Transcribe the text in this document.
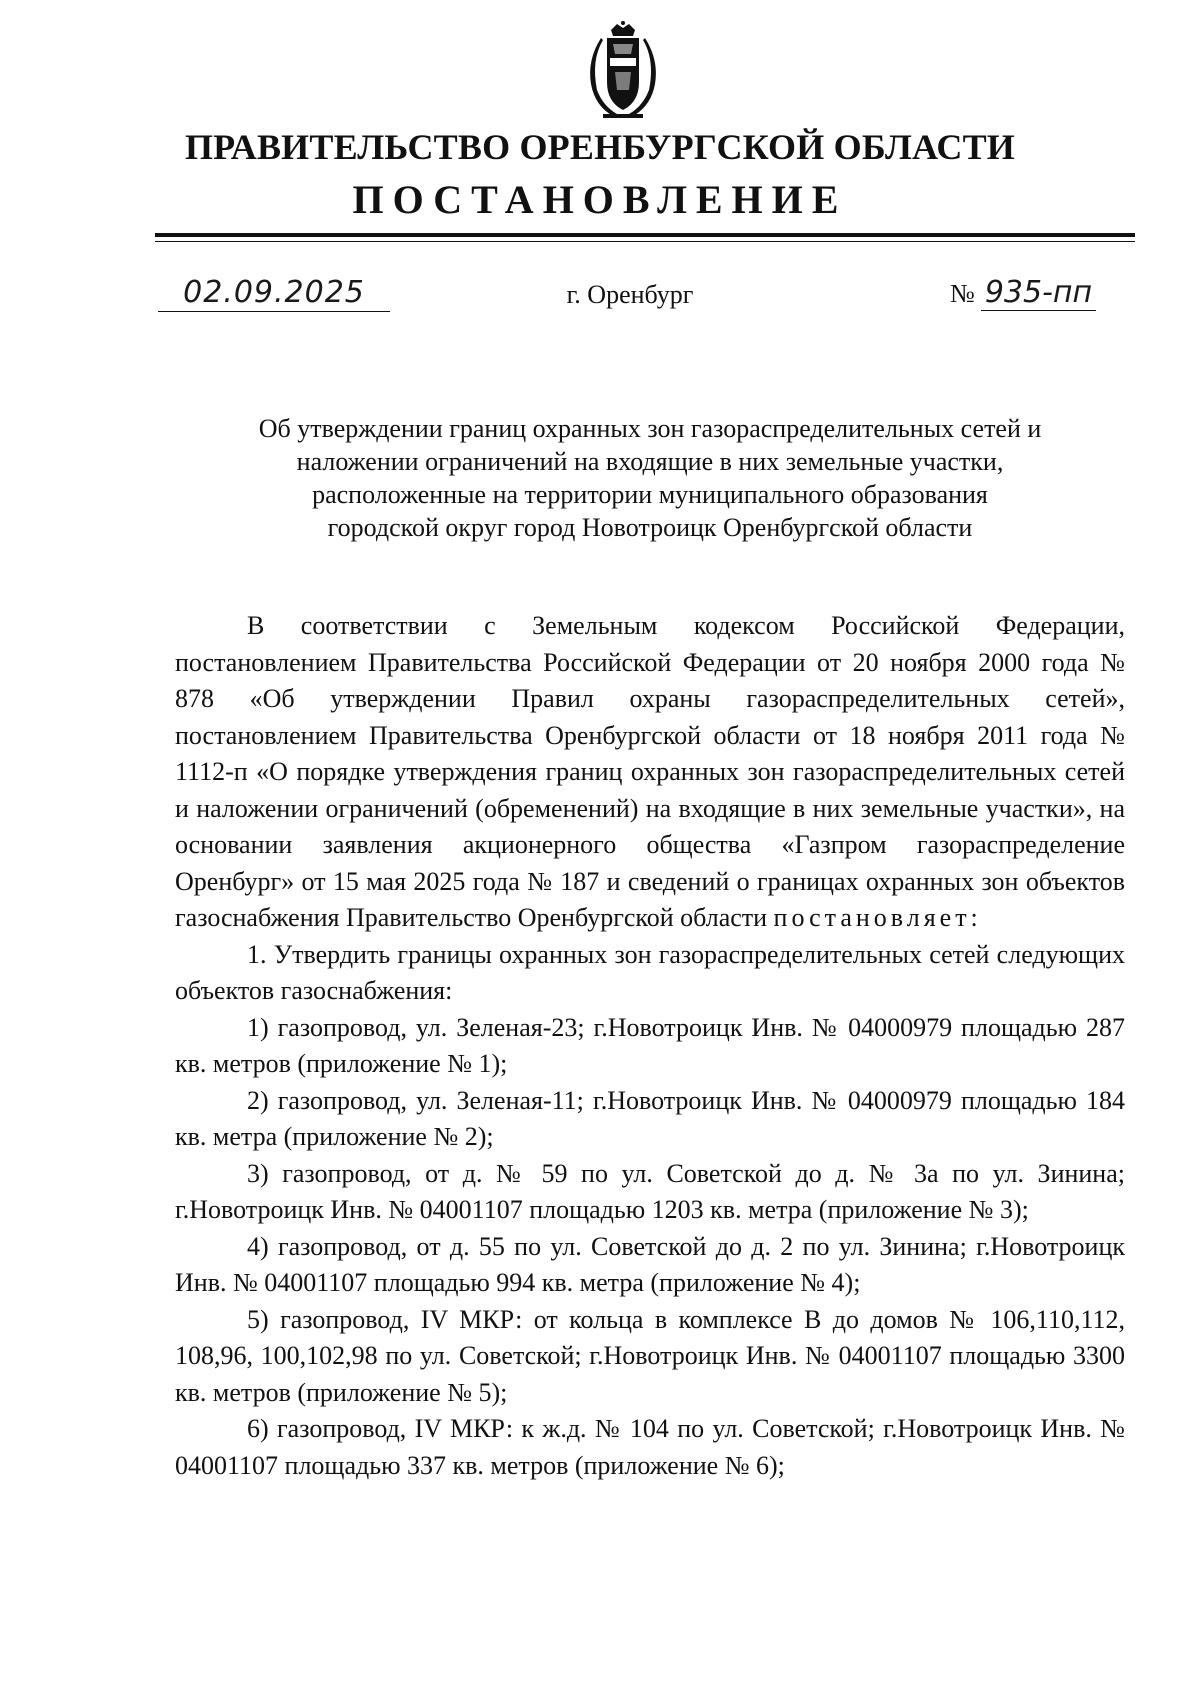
ПРАВИТЕЛЬСТВО ОРЕНБУРГСКОЙ ОБЛАСТИ
ПОСТАНОВЛЕНИЕ
02.09.2025	г. Оренбург	№ 935-пп

Об утверждении границ охранных зон газораспределительных сетей и

наложении ограничений на входящие в них земельные участки,

расположенные на территории муниципального образования

городской округ город Новотроицк Оренбургской области

В соответствии с Земельным кодексом Российской Федерации, постановлением Правительства Российской Федерации от 20 ноября 2000 года № 878 «Об утверждении Правил охраны газораспределительных сетей», постановлением Правительства Оренбургской области от 18 ноября 2011 года № 1112-п «О порядке утверждения границ охранных зон газораспределительных сетей и наложении ограничений (обременений) на входящие в них земельные участки», на основании заявления акционерного общества «Газпром газораспределение Оренбург» от 15 мая 2025 года № 187 и сведений о границах охранных зон объектов газоснабжения Правительство Оренбургской области постановляет:

1. Утвердить границы охранных зон газораспределительных сетей следующих объектов газоснабжения:

1) газопровод, ул. Зеленая-23; г.Новотроицк Инв. № 04000979 площадью 287 кв. метров (приложение № 1);

2) газопровод, ул. Зеленая-11; г.Новотроицк Инв. № 04000979 площадью 184 кв. метра (приложение № 2);

3) газопровод, от д. № 59 по ул. Советской до д. № 3а по ул. Зинина; г.Новотроицк Инв. № 04001107 площадью 1203 кв. метра (приложение № 3);

4) газопровод, от д. 55 по ул. Советской до д. 2 по ул. Зинина; г.Новотроицк Инв. № 04001107 площадью 994 кв. метра (приложение № 4);

5) газопровод, IV МКР: от кольца в комплексе В до домов № 106,110,112, 108,96, 100,102,98 по ул. Советской; г.Новотроицк Инв. № 04001107 площадью 3300 кв. метров (приложение № 5);

6) газопровод, IV МКР: к ж.д. № 104 по ул. Советской; г.Новотроицк Инв. № 04001107 площадью 337 кв. метров (приложение № 6);
